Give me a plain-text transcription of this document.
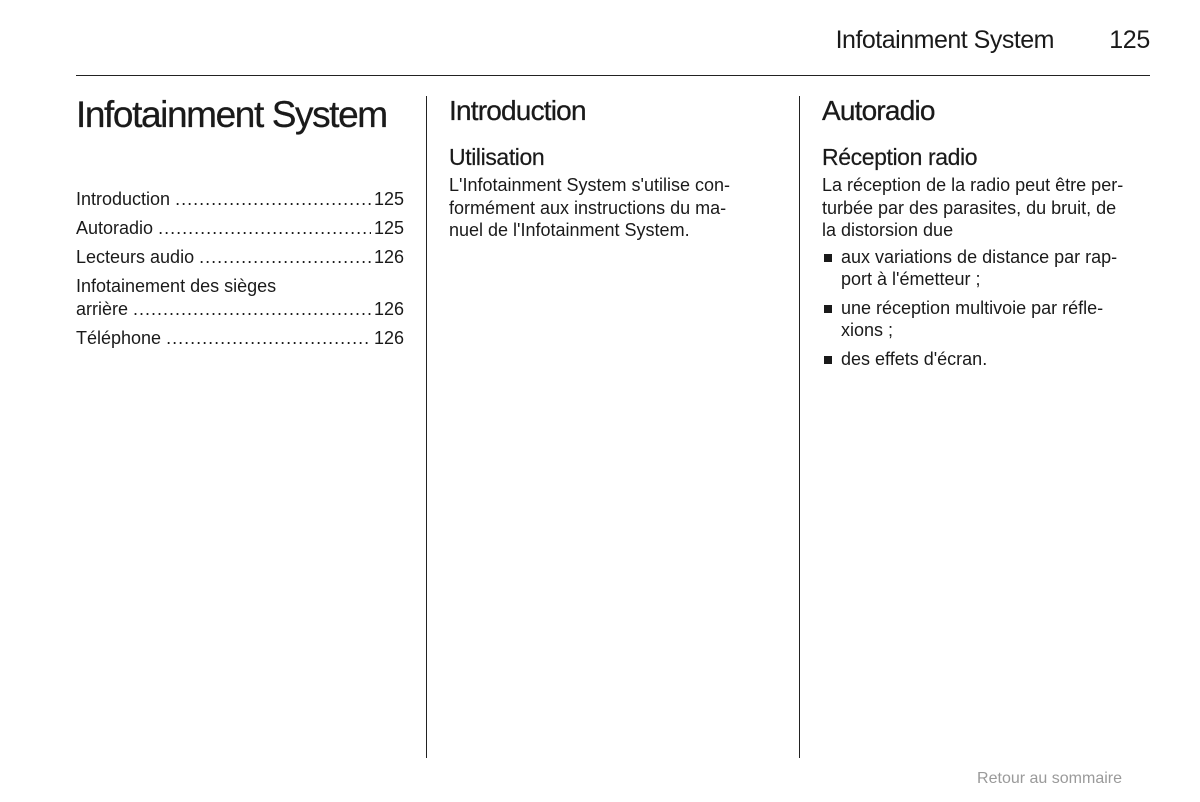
Infotainment System 125
Infotainment System
Introduction .....	125
Autoradio .....	125
Lecteurs audio .....	126
Infotainement des sièges
arrière .....	126
Téléphone .....	126
Introduction
Utilisation

L'Infotainment System s'utilise con-
formément aux instructions du ma-
nuel de l'Infotainment System.

Autoradio
Réception radio

La réception de la radio peut être per-
turbée par des parasites, du bruit, de
la distorsion due

aux variations de distance par rap-
port à l'émetteur ;
une réception multivoie par réfle-
xions ;
des effets d'écran.
Retour au sommaire
